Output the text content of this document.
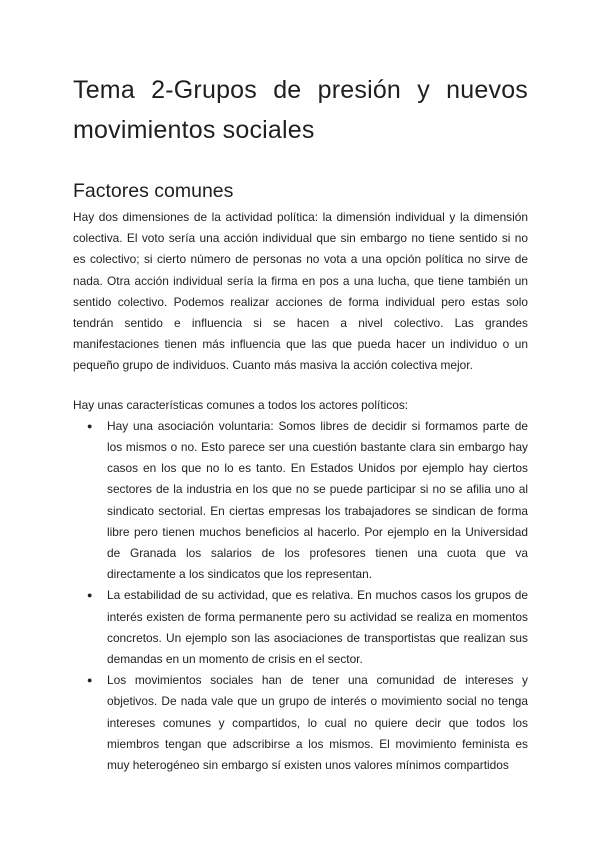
Tema 2-Grupos de presión y nuevos movimientos sociales
Factores comunes

Hay dos dimensiones de la actividad política: la dimensión individual y la dimensión colectiva. El voto sería una acción individual que sin embargo no tiene sentido si no es colectivo; si cierto número de personas no vota a una opción política no sirve de nada. Otra acción individual sería la firma en pos a una lucha, que tiene también un sentido colectivo. Podemos realizar acciones de forma individual pero estas solo tendrán sentido e influencia si se hacen a nivel colectivo. Las grandes manifestaciones tienen más influencia que las que pueda hacer un individuo o un pequeño grupo de individuos. Cuanto más masiva la acción colectiva mejor.

Hay unas características comunes a todos los actores políticos:

● Hay una asociación voluntaria: Somos libres de decidir si formamos parte de los mismos o no. Esto parece ser una cuestión bastante clara sin embargo hay casos en los que no lo es tanto. En Estados Unidos por ejemplo hay ciertos sectores de la industria en los que no se puede participar si no se afilia uno al sindicato sectorial. En ciertas empresas los trabajadores se sindican de forma libre pero tienen muchos beneficios al hacerlo. Por ejemplo en la Universidad de Granada los salarios de los profesores tienen una cuota que va directamente a los sindicatos que los representan.
● La estabilidad de su actividad, que es relativa. En muchos casos los grupos de interés existen de forma permanente pero su actividad se realiza en momentos concretos. Un ejemplo son las asociaciones de transportistas que realizan sus demandas en un momento de crisis en el sector.
● Los movimientos sociales han de tener una comunidad de intereses y objetivos. De nada vale que un grupo de interés o movimiento social no tenga intereses comunes y compartidos, lo cual no quiere decir que todos los miembros tengan que adscribirse a los mismos. El movimiento feminista es muy heterogéneo sin embargo sí existen unos valores mínimos compartidos
